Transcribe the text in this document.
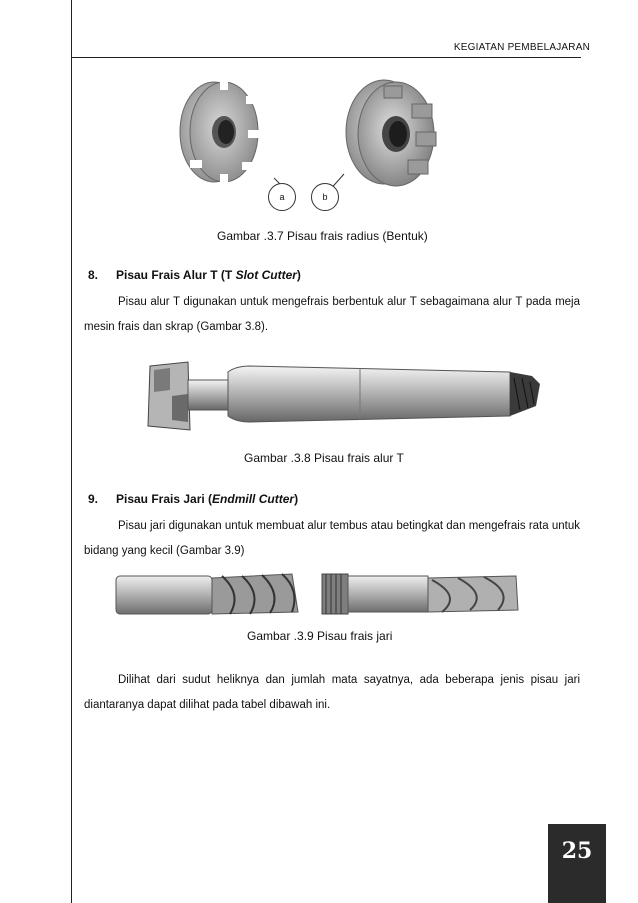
KEGIATAN PEMBELAJARAN
a	b
Gambar .3.7 Pisau frais radius (Bentuk)
8. Pisau Frais Alur T (T Slot Cutter)
Pisau alur T digunakan untuk mengefrais berbentuk alur T sebagaimana alur T pada meja mesin frais dan skrap (Gambar 3.8).
Gambar .3.8 Pisau frais alur T
9. Pisau Frais Jari (Endmill Cutter)
Pisau jari digunakan untuk membuat alur tembus atau betingkat dan mengefrais rata untuk bidang yang kecil (Gambar 3.9)
Gambar .3.9 Pisau frais jari
Dilihat dari sudut heliknya dan jumlah mata sayatnya, ada beberapa jenis pisau jari diantaranya dapat dilihat pada tabel dibawah ini.
25
